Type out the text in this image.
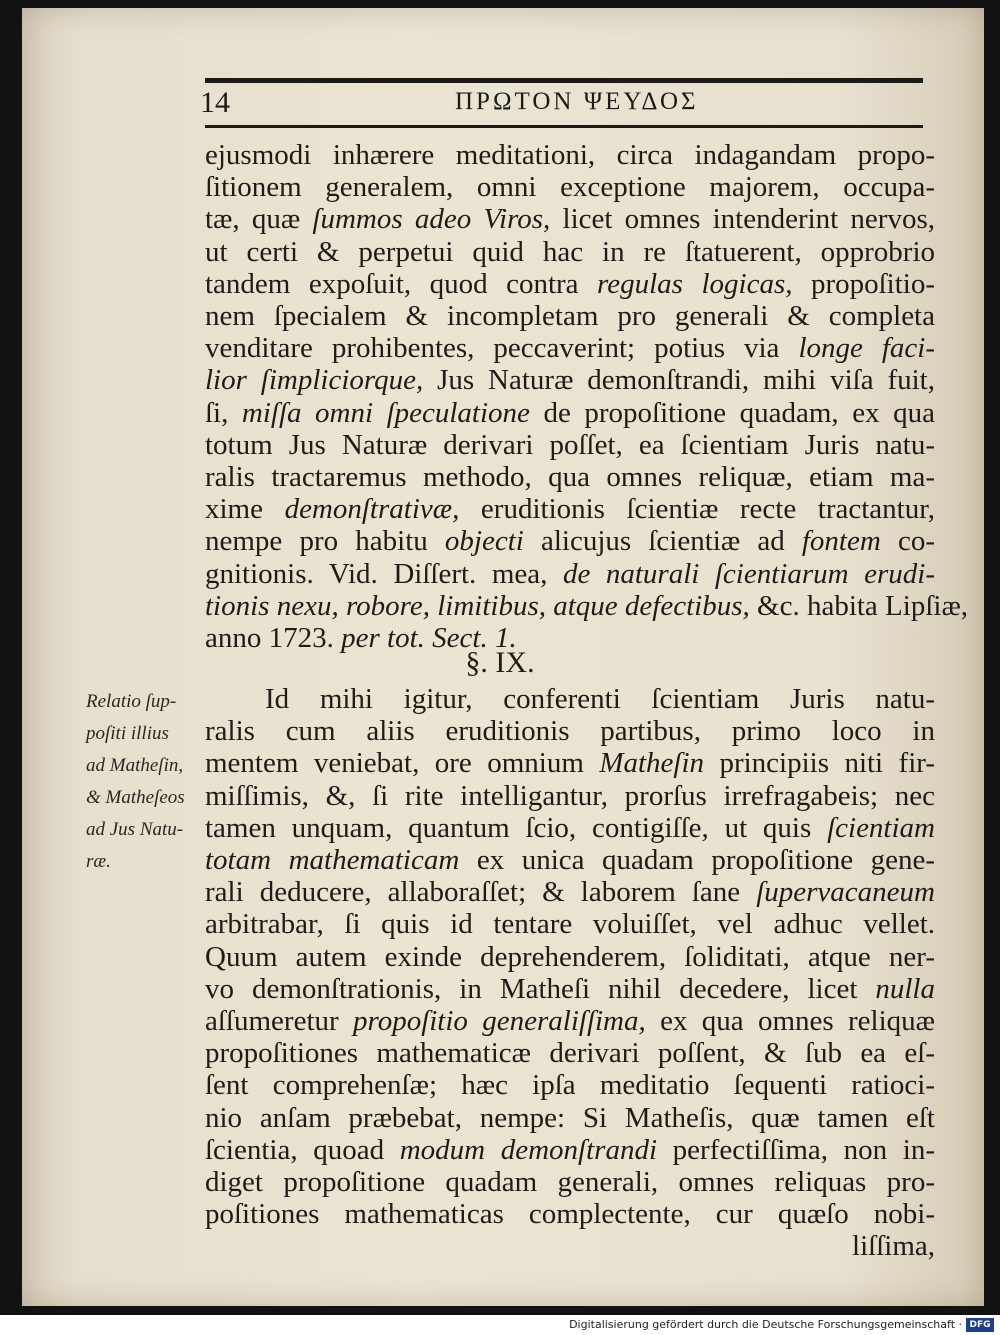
14	ΠΡΩΤΟΝ ΨΕΥΔΟΣ
ejusmodi inhærere meditationi, circa indagandam propo-
ſitionem generalem, omni exceptione majorem, occupa-
tæ, quæ ſummos adeo Viros, licet omnes intenderint nervos,
ut certi & perpetui quid hac in re ſtatuerent, opprobrio
tandem expoſuit, quod contra regulas logicas, propoſitio-
nem ſpecialem & incompletam pro generali & completa
venditare prohibentes, peccaverint; potius via longe faci-
lior ſimpliciorque, Jus Naturæ demonſtrandi, mihi viſa fuit,
ſi, miſſa omni ſpeculatione de propoſitione quadam, ex qua
totum Jus Naturæ derivari poſſet, ea ſcientiam Juris natu-
ralis tractaremus methodo, qua omnes reliquæ, etiam ma-
xime demonſtrativæ, eruditionis ſcientiæ recte tractantur,
nempe pro habitu objecti alicujus ſcientiæ ad fontem co-
gnitionis. Vid. Diſſert. mea, de naturali ſcientiarum erudi-
tionis nexu, robore, limitibus, atque defectibus, &c. habita Lipſiæ,
anno 1723. per tot. Sect. 1.
§. IX.
Relatio ſup-
poſiti illius
ad Matheſin,
& Matheſeos
ad Jus Natu-
ræ.
Id mihi igitur, conferenti ſcientiam Juris natu-
ralis cum aliis eruditionis partibus, primo loco in
mentem veniebat, ore omnium Matheſin principiis niti fir-
miſſimis, &, ſi rite intelligantur, prorſus irrefragabeis; nec
tamen unquam, quantum ſcio, contigiſſe, ut quis ſcientiam
totam mathematicam ex unica quadam propoſitione gene-
rali deducere, allaboraſſet; & laborem ſane ſupervacaneum
arbitrabar, ſi quis id tentare voluiſſet, vel adhuc vellet.
Quum autem exinde deprehenderem, ſoliditati, atque ner-
vo demonſtrationis, in Matheſi nihil decedere, licet nulla
aſſumeretur propoſitio generaliſſima, ex qua omnes reliquæ
propoſitiones mathematicæ derivari poſſent, & ſub ea eſ-
ſent comprehenſæ; hæc ipſa meditatio ſequenti ratioci-
nio anſam præbebat, nempe: Si Matheſis, quæ tamen eſt
ſcientia, quoad modum demonſtrandi perfectiſſima, non in-
diget propoſitione quadam generali, omnes reliquas pro-
poſitiones mathematicas complectente, cur quæſo nobi-
liſſima,
Digitalisierung gefördert durch die Deutsche Forschungsgemeinschaft · DFG
